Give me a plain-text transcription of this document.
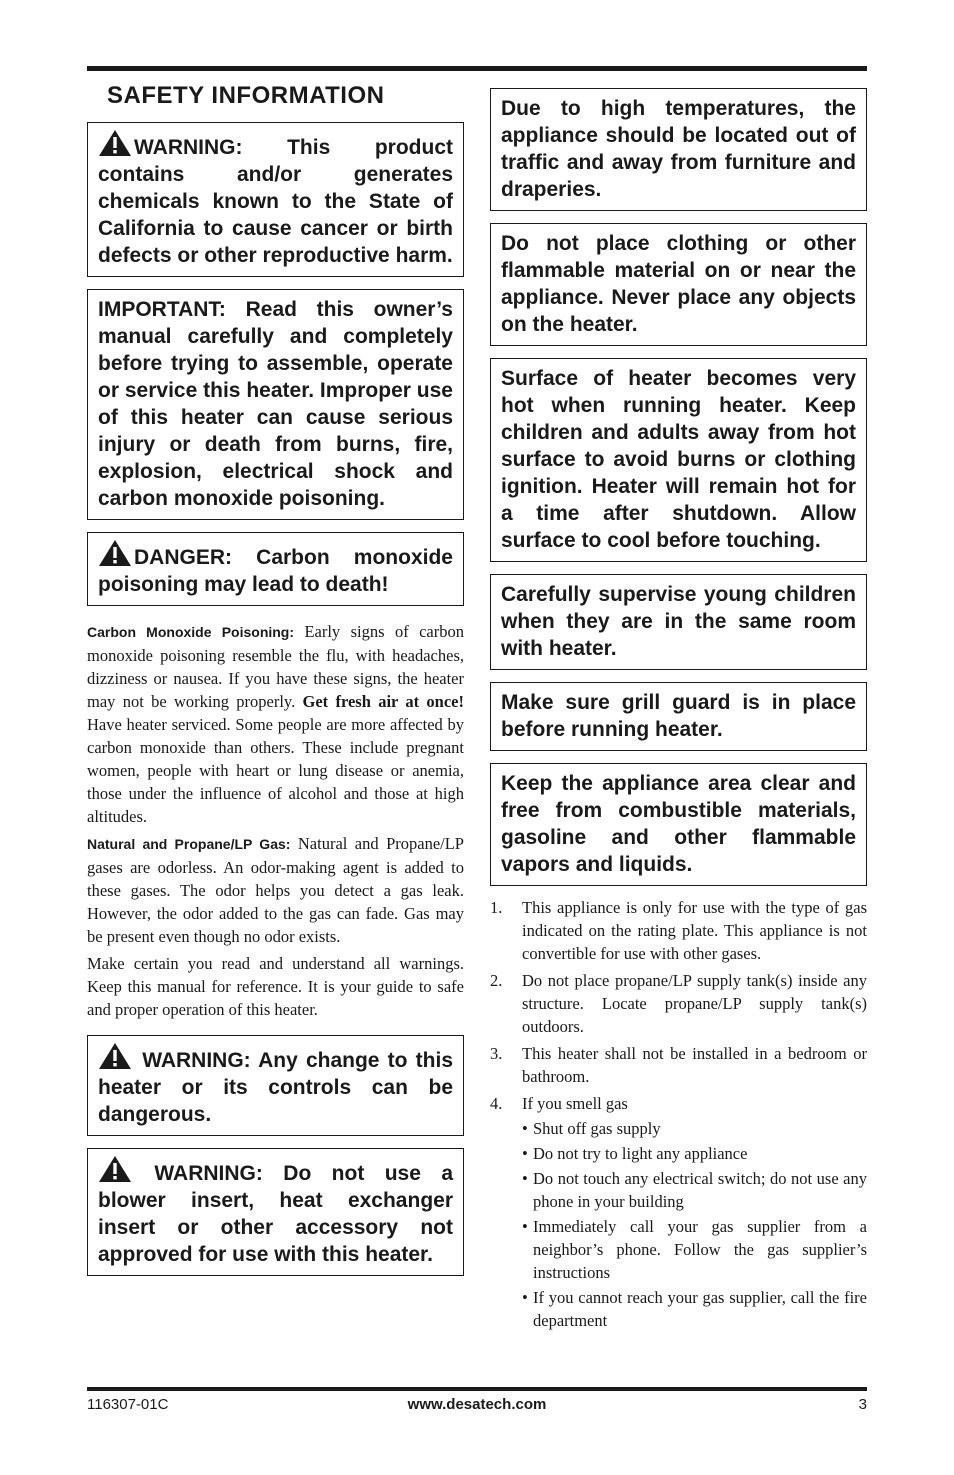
SAFETY INFORMATION
WARNING: This product contains and/or generates chemicals known to the State of California to cause cancer or birth defects or other reproductive harm.
IMPORTANT: Read this owner’s manual carefully and completely before trying to assemble, operate or service this heater. Improper use of this heater can cause serious injury or death from burns, fire, explosion, electrical shock and carbon monoxide poisoning.
DANGER: Carbon monoxide poisoning may lead to death!

Carbon Monoxide Poisoning: Early signs of carbon monoxide poisoning resemble the flu, with headaches, dizziness or nausea. If you have these signs, the heater may not be working properly. Get fresh air at once! Have heater serviced. Some people are more affected by carbon monoxide than others. These include pregnant women, people with heart or lung disease or anemia, those under the influence of alcohol and those at high altitudes.

Natural and Propane/LP Gas: Natural and Propane/LP gases are odorless. An odor-making agent is added to these gases. The odor helps you detect a gas leak. However, the odor added to the gas can fade. Gas may be present even though no odor exists.

Make certain you read and understand all warnings. Keep this manual for reference. It is your guide to safe and proper operation of this heater.

WARNING: Any change to this heater or its controls can be dangerous.
WARNING: Do not use a blower insert, heat exchanger insert or other accessory not approved for use with this heater.
Due to high temperatures, the appliance should be located out of traffic and away from furniture and draperies.
Do not place clothing or other flammable material on or near the appliance. Never place any objects on the heater.
Surface of heater becomes very hot when running heater. Keep children and adults away from hot surface to avoid burns or clothing ignition. Heater will remain hot for a time after shutdown. Allow surface to cool before touching.
Carefully supervise young children when they are in the same room with heater.
Make sure grill guard is in place before running heater.
Keep the appliance area clear and free from combustible materials, gasoline and other flammable vapors and liquids.
1. This appliance is only for use with the type of gas indicated on the rating plate. This appliance is not convertible for use with other gases.
2. Do not place propane/LP supply tank(s) inside any structure. Locate propane/LP supply tank(s) outdoors.
3. This heater shall not be installed in a bedroom or bathroom.
4. If you smell gas
• Shut off gas supply
• Do not try to light any appliance
• Do not touch any electrical switch; do not use any phone in your building
• Immediately call your gas supplier from a neighbor’s phone. Follow the gas supplier’s instructions
• If you cannot reach your gas supplier, call the fire department
116307-01C	www.desatech.com	3
